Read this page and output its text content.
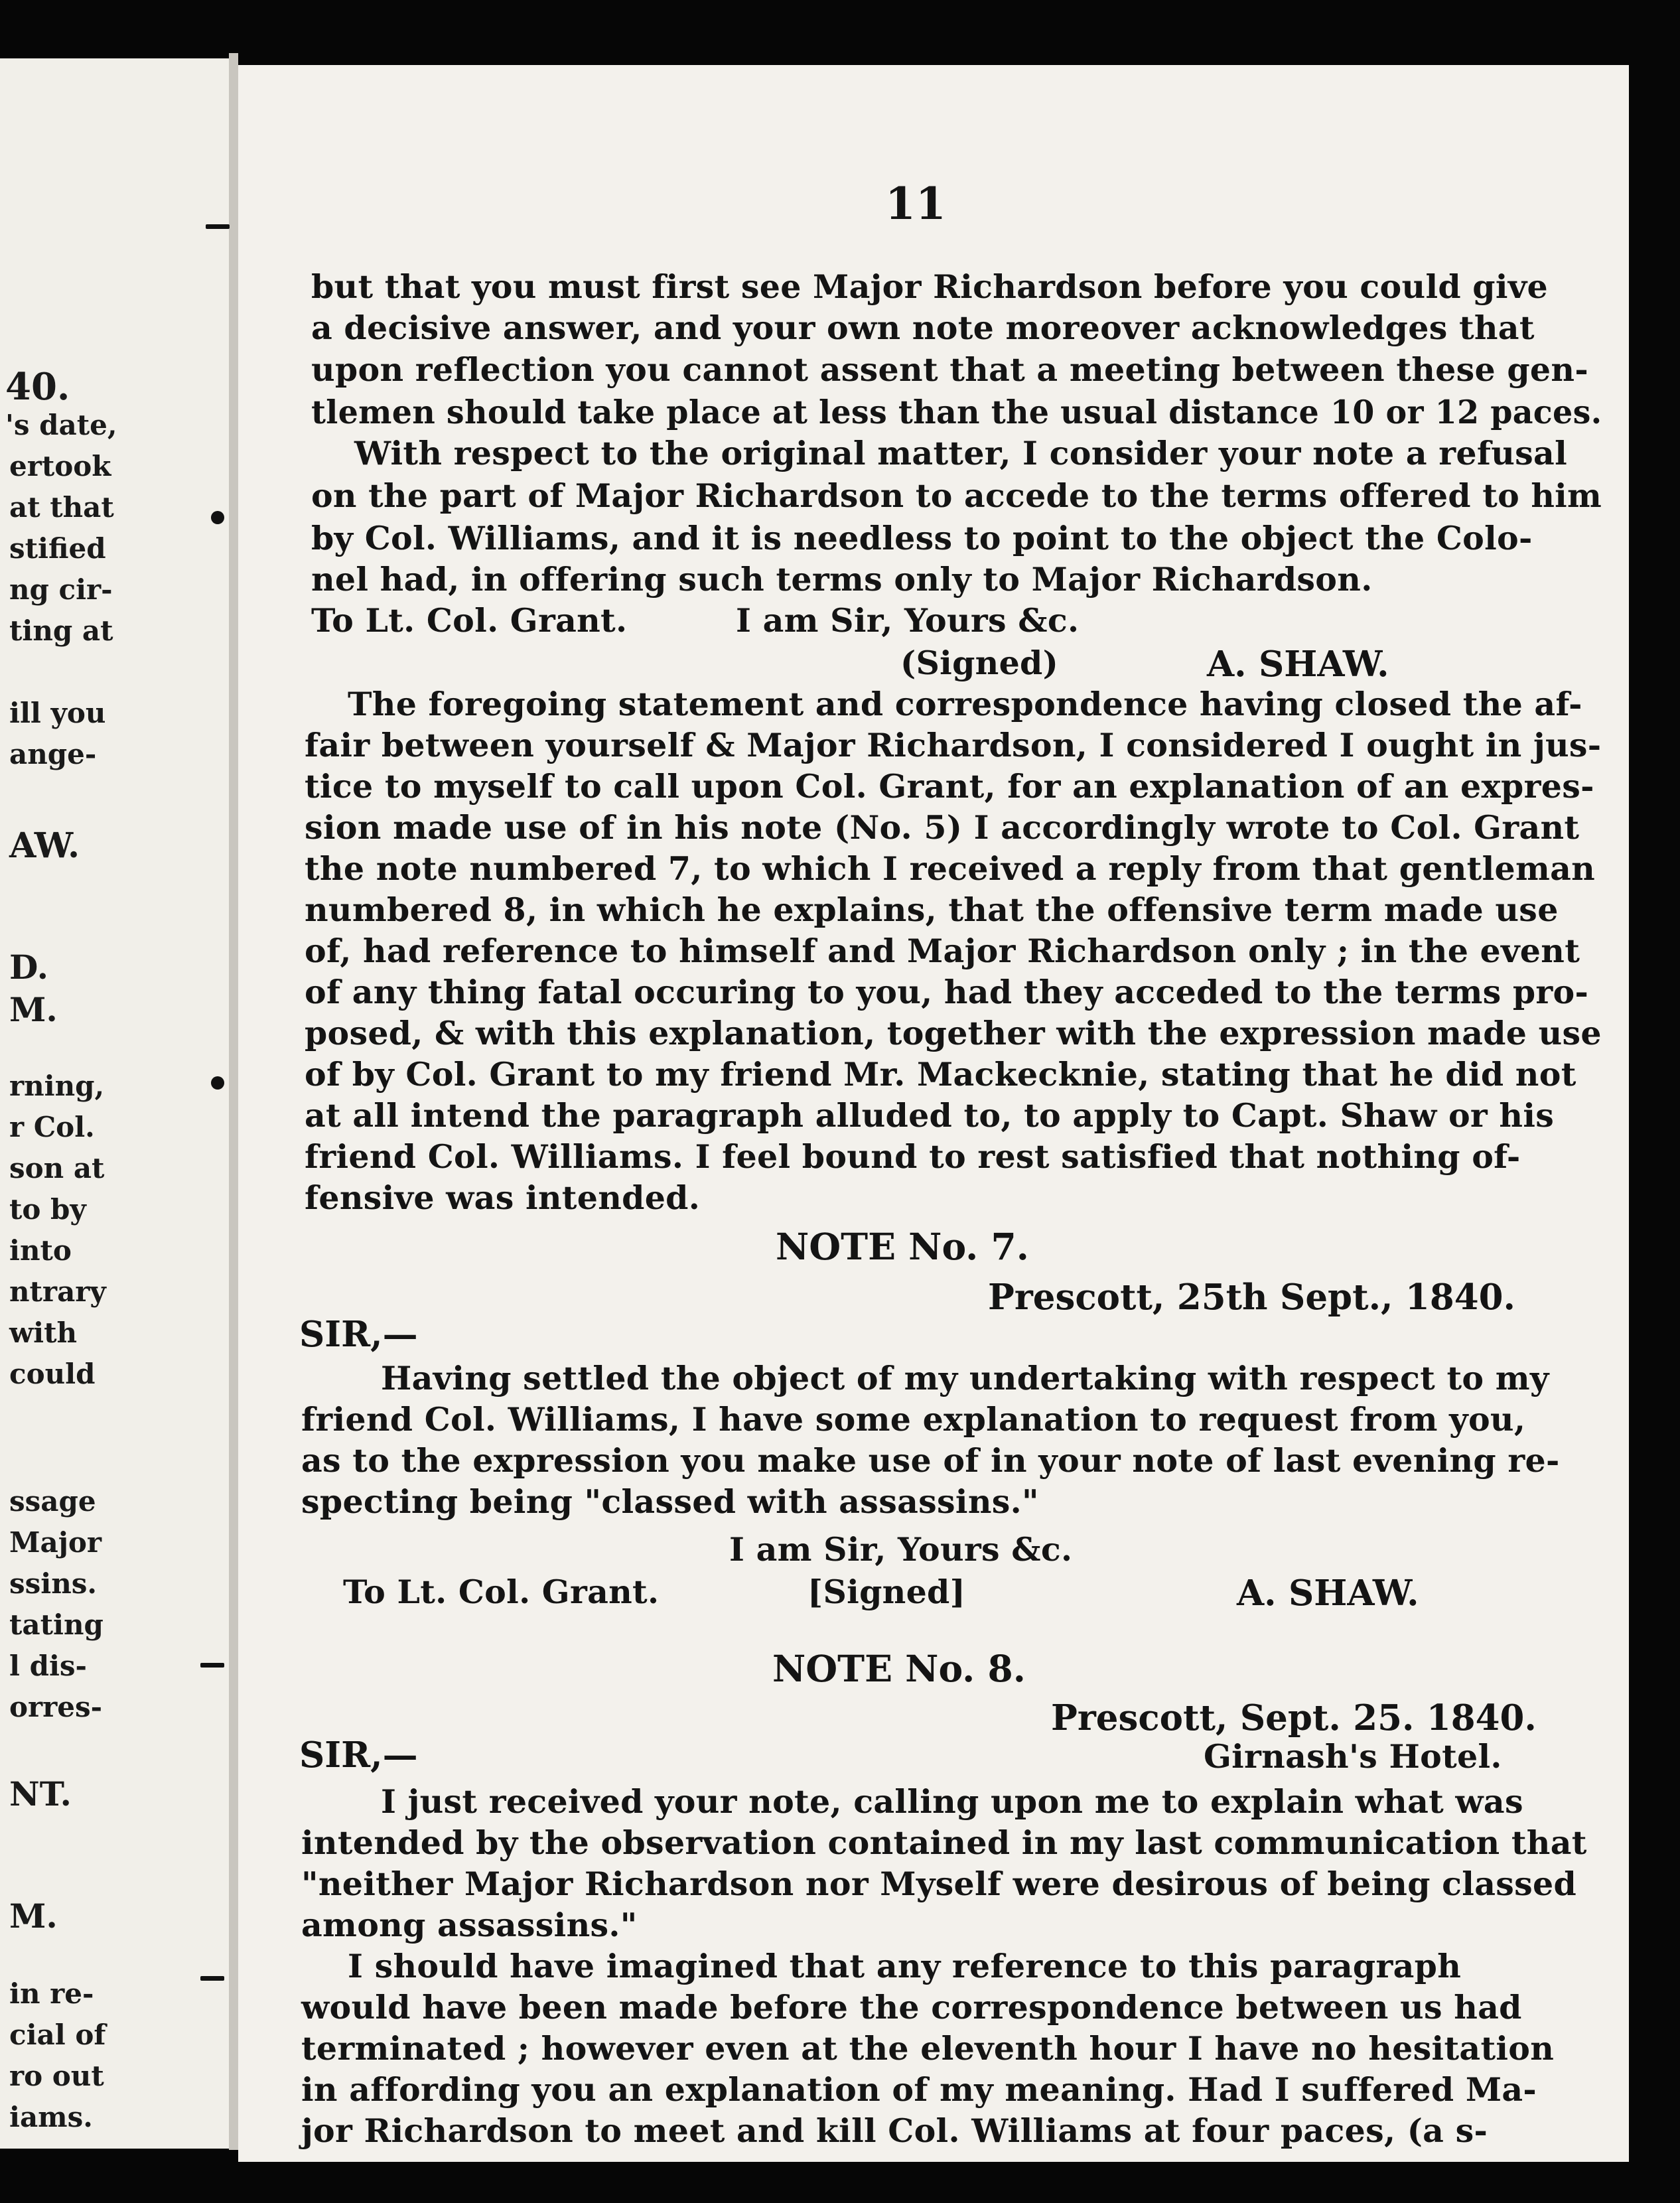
40.
's date,
ertook
at that
stified
ng cir-
ting at
ill you
ange-
AW.
D.
M.
rning,
r Col.
son at
to by
into
ntrary
with
could
ssage
Major
ssins.
tating
l dis-
orres-
NT.
M.
in re-
cial of
ro out
iams.
11
but that you must first see Major Richardson before you could give
a decisive answer, and your own note moreover acknowledges that
upon reflection you cannot assent that a meeting between these gen-
tlemen should take place at less than the usual distance 10 or 12 paces.
With respect to the original matter, I consider your note a refusal
on the part of Major Richardson to accede to the terms offered to him
by Col. Williams, and it is needless to point to the object the Colo-
nel had, in offering such terms only to Major Richardson.
To Lt. Col. Grant.	I am Sir, Yours &c.
(Signed)	A. SHAW.
The foregoing statement and correspondence having closed the af-
fair between yourself & Major Richardson, I considered I ought in jus-
tice to myself to call upon Col. Grant, for an explanation of an expres-
sion made use of in his note (No. 5) I accordingly wrote to Col. Grant
the note numbered 7, to which I received a reply from that gentleman
numbered 8, in which he explains, that the offensive term made use
of, had reference to himself and Major Richardson only ; in the event
of any thing fatal occuring to you, had they acceded to the terms pro-
posed, & with this explanation, together with the expression made use
of by Col. Grant to my friend Mr. Mackecknie, stating that he did not
at all intend the paragraph alluded to, to apply to Capt. Shaw or his
friend Col. Williams. I feel bound to rest satisfied that nothing of-
fensive was intended.
NOTE No. 7.
Prescott, 25th Sept., 1840.
SIR,—
Having settled the object of my undertaking with respect to my
friend Col. Williams, I have some explanation to request from you,
as to the expression you make use of in your note of last evening re-
specting being "classed with assassins."
I am Sir, Yours &c.
To Lt. Col. Grant.	[Signed]	A. SHAW.
NOTE No. 8.
Prescott, Sept. 25. 1840.
SIR,—	Girnash's Hotel.
I just received your note, calling upon me to explain what was
intended by the observation contained in my last communication that
"neither Major Richardson nor Myself were desirous of being classed
among assassins."
I should have imagined that any reference to this paragraph
would have been made before the correspondence between us had
terminated ; however even at the eleventh hour I have no hesitation
in affording you an explanation of my meaning. Had I suffered Ma-
jor Richardson to meet and kill Col. Williams at four paces, (a s-
